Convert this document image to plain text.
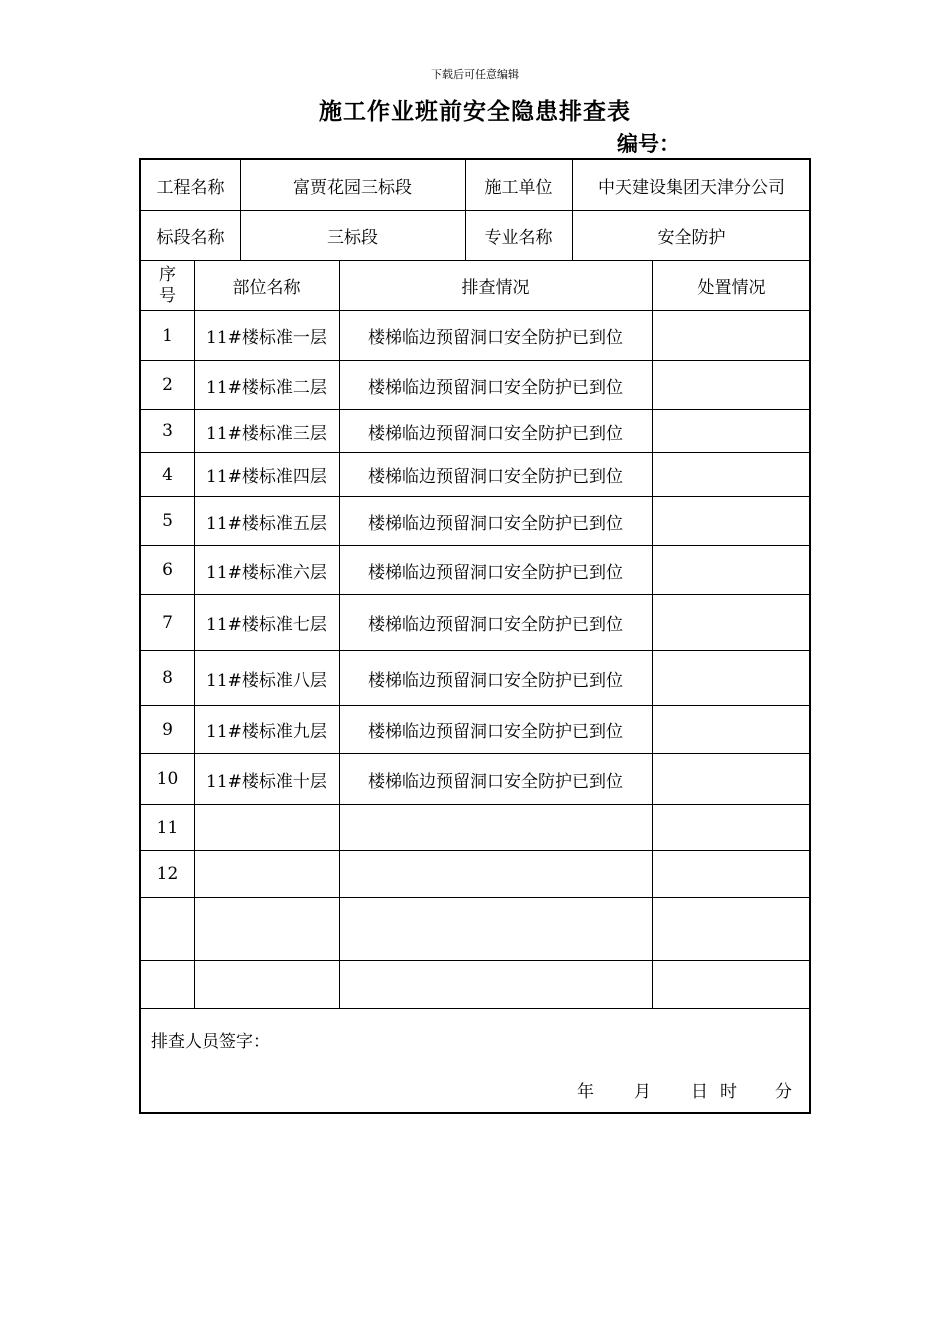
下载后可任意编辑
施工作业班前安全隐患排查表
编号：
工程名称	富贾花园三标段	施工单位	中天建设集团天津分公司
标段名称	三标段	专业名称	安全防护
序
号	部位名称	排查情况	处置情况
1	11#楼标准一层	楼梯临边预留洞口安全防护已到位
2	11#楼标准二层	楼梯临边预留洞口安全防护已到位
3	11#楼标准三层	楼梯临边预留洞口安全防护已到位
4	11#楼标准四层	楼梯临边预留洞口安全防护已到位
5	11#楼标准五层	楼梯临边预留洞口安全防护已到位
6	11#楼标准六层	楼梯临边预留洞口安全防护已到位
7	11#楼标准七层	楼梯临边预留洞口安全防护已到位
8	11#楼标准八层	楼梯临边预留洞口安全防护已到位
9	11#楼标准九层	楼梯临边预留洞口安全防护已到位
10	11#楼标准十层	楼梯临边预留洞口安全防护已到位
11
12
排查人员签字：
年 月 日 时 分
